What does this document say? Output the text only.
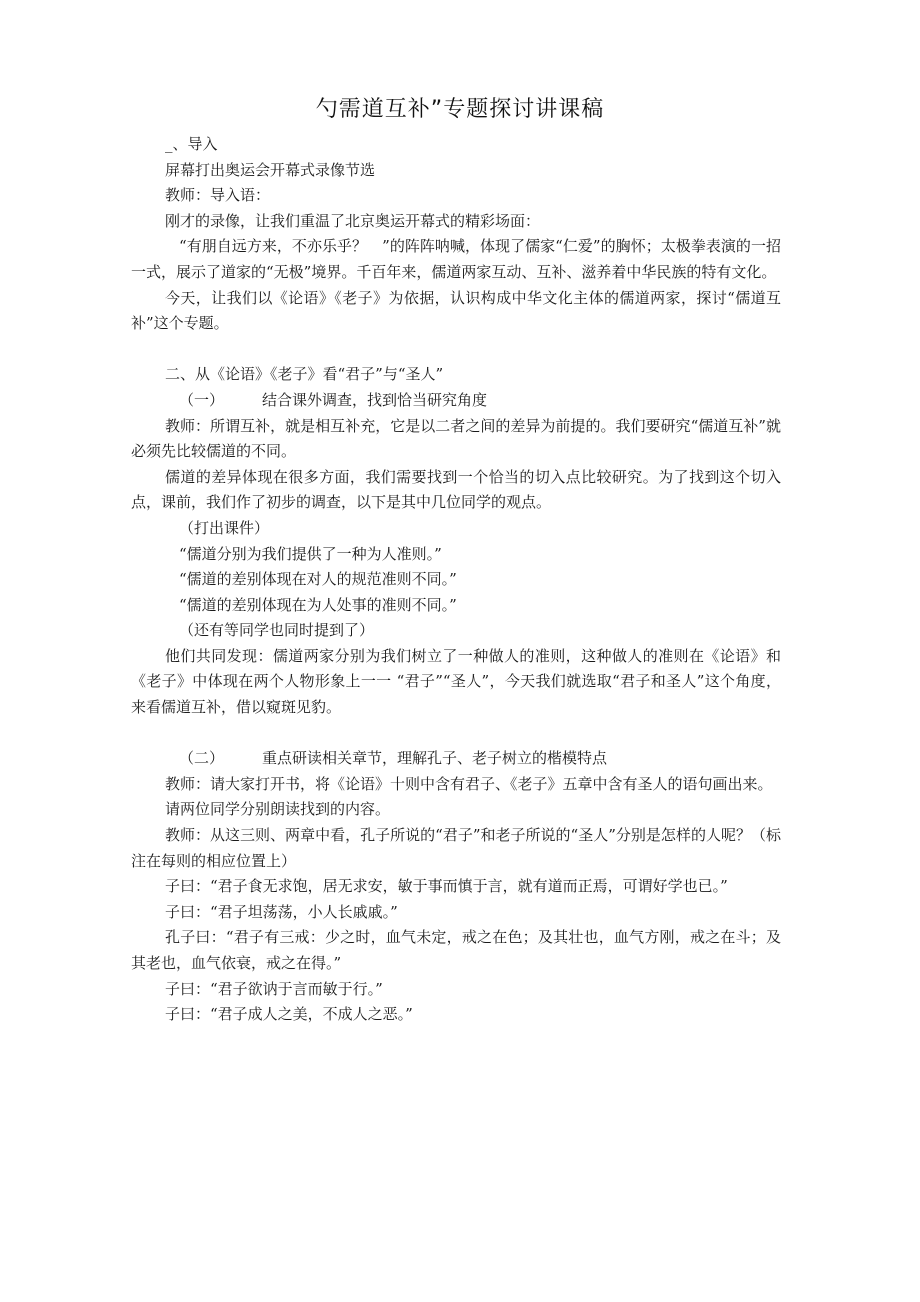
勺需道互补”专题探讨讲课稿

_、导入

屏幕打出奥运会开幕式录像节选

教师：导入语：

刚才的录像，让我们重温了北京奥运开幕式的精彩场面：

“有朋自远方来，不亦乐乎？　”的阵阵呐喊，体现了儒家“仁爱”的胸怀；太极拳表演的一招一式，展示了道家的“无极”境界。千百年来，儒道两家互动、互补、滋养着中华民族的特有文化。

今天，让我们以《论语》《老子》为依据，认识构成中华文化主体的儒道两家，探讨“儒道互补”这个专题。

二、从《论语》《老子》看“君子”与“圣人”

（一）	结合课外调查，找到恰当研究角度

教师：所谓互补，就是相互补充，它是以二者之间的差异为前提的。我们要研究“儒道互补”就必须先比较儒道的不同。

儒道的差异体现在很多方面，我们需要找到一个恰当的切入点比较研究。为了找到这个切入点，课前，我们作了初步的调查，以下是其中几位同学的观点。

（打出课件）

“儒道分别为我们提供了一种为人准则。”

“儒道的差别体现在对人的规范准则不同。”

“儒道的差别体现在为人处事的准则不同。”

（还有等同学也同时提到了）

他们共同发现：儒道两家分别为我们树立了一种做人的准则，这种做人的准则在《论语》和《老子》中体现在两个人物形象上一一 “君子”“圣人”，今天我们就选取“君子和圣人”这个角度，来看儒道互补，借以窥斑见豹。

（二）	重点研读相关章节，理解孔子、老子树立的楷模特点

教师：请大家打开书，将《论语》十则中含有君子、《老子》五章中含有圣人的语句画出来。

请两位同学分别朗读找到的内容。

教师：从这三则、两章中看，孔子所说的“君子”和老子所说的“圣人”分别是怎样的人呢？（标注在每则的相应位置上）

子曰：“君子食无求饱，居无求安，敏于事而慎于言，就有道而正焉，可谓好学也已。”

子曰：“君子坦荡荡，小人长戚戚。”

孔子曰：“君子有三戒：少之时，血气未定，戒之在色；及其壮也，血气方刚，戒之在斗；及其老也，血气依衰，戒之在得。”

子曰：“君子欲讷于言而敏于行。”

子曰：“君子成人之美，不成人之恶。”
